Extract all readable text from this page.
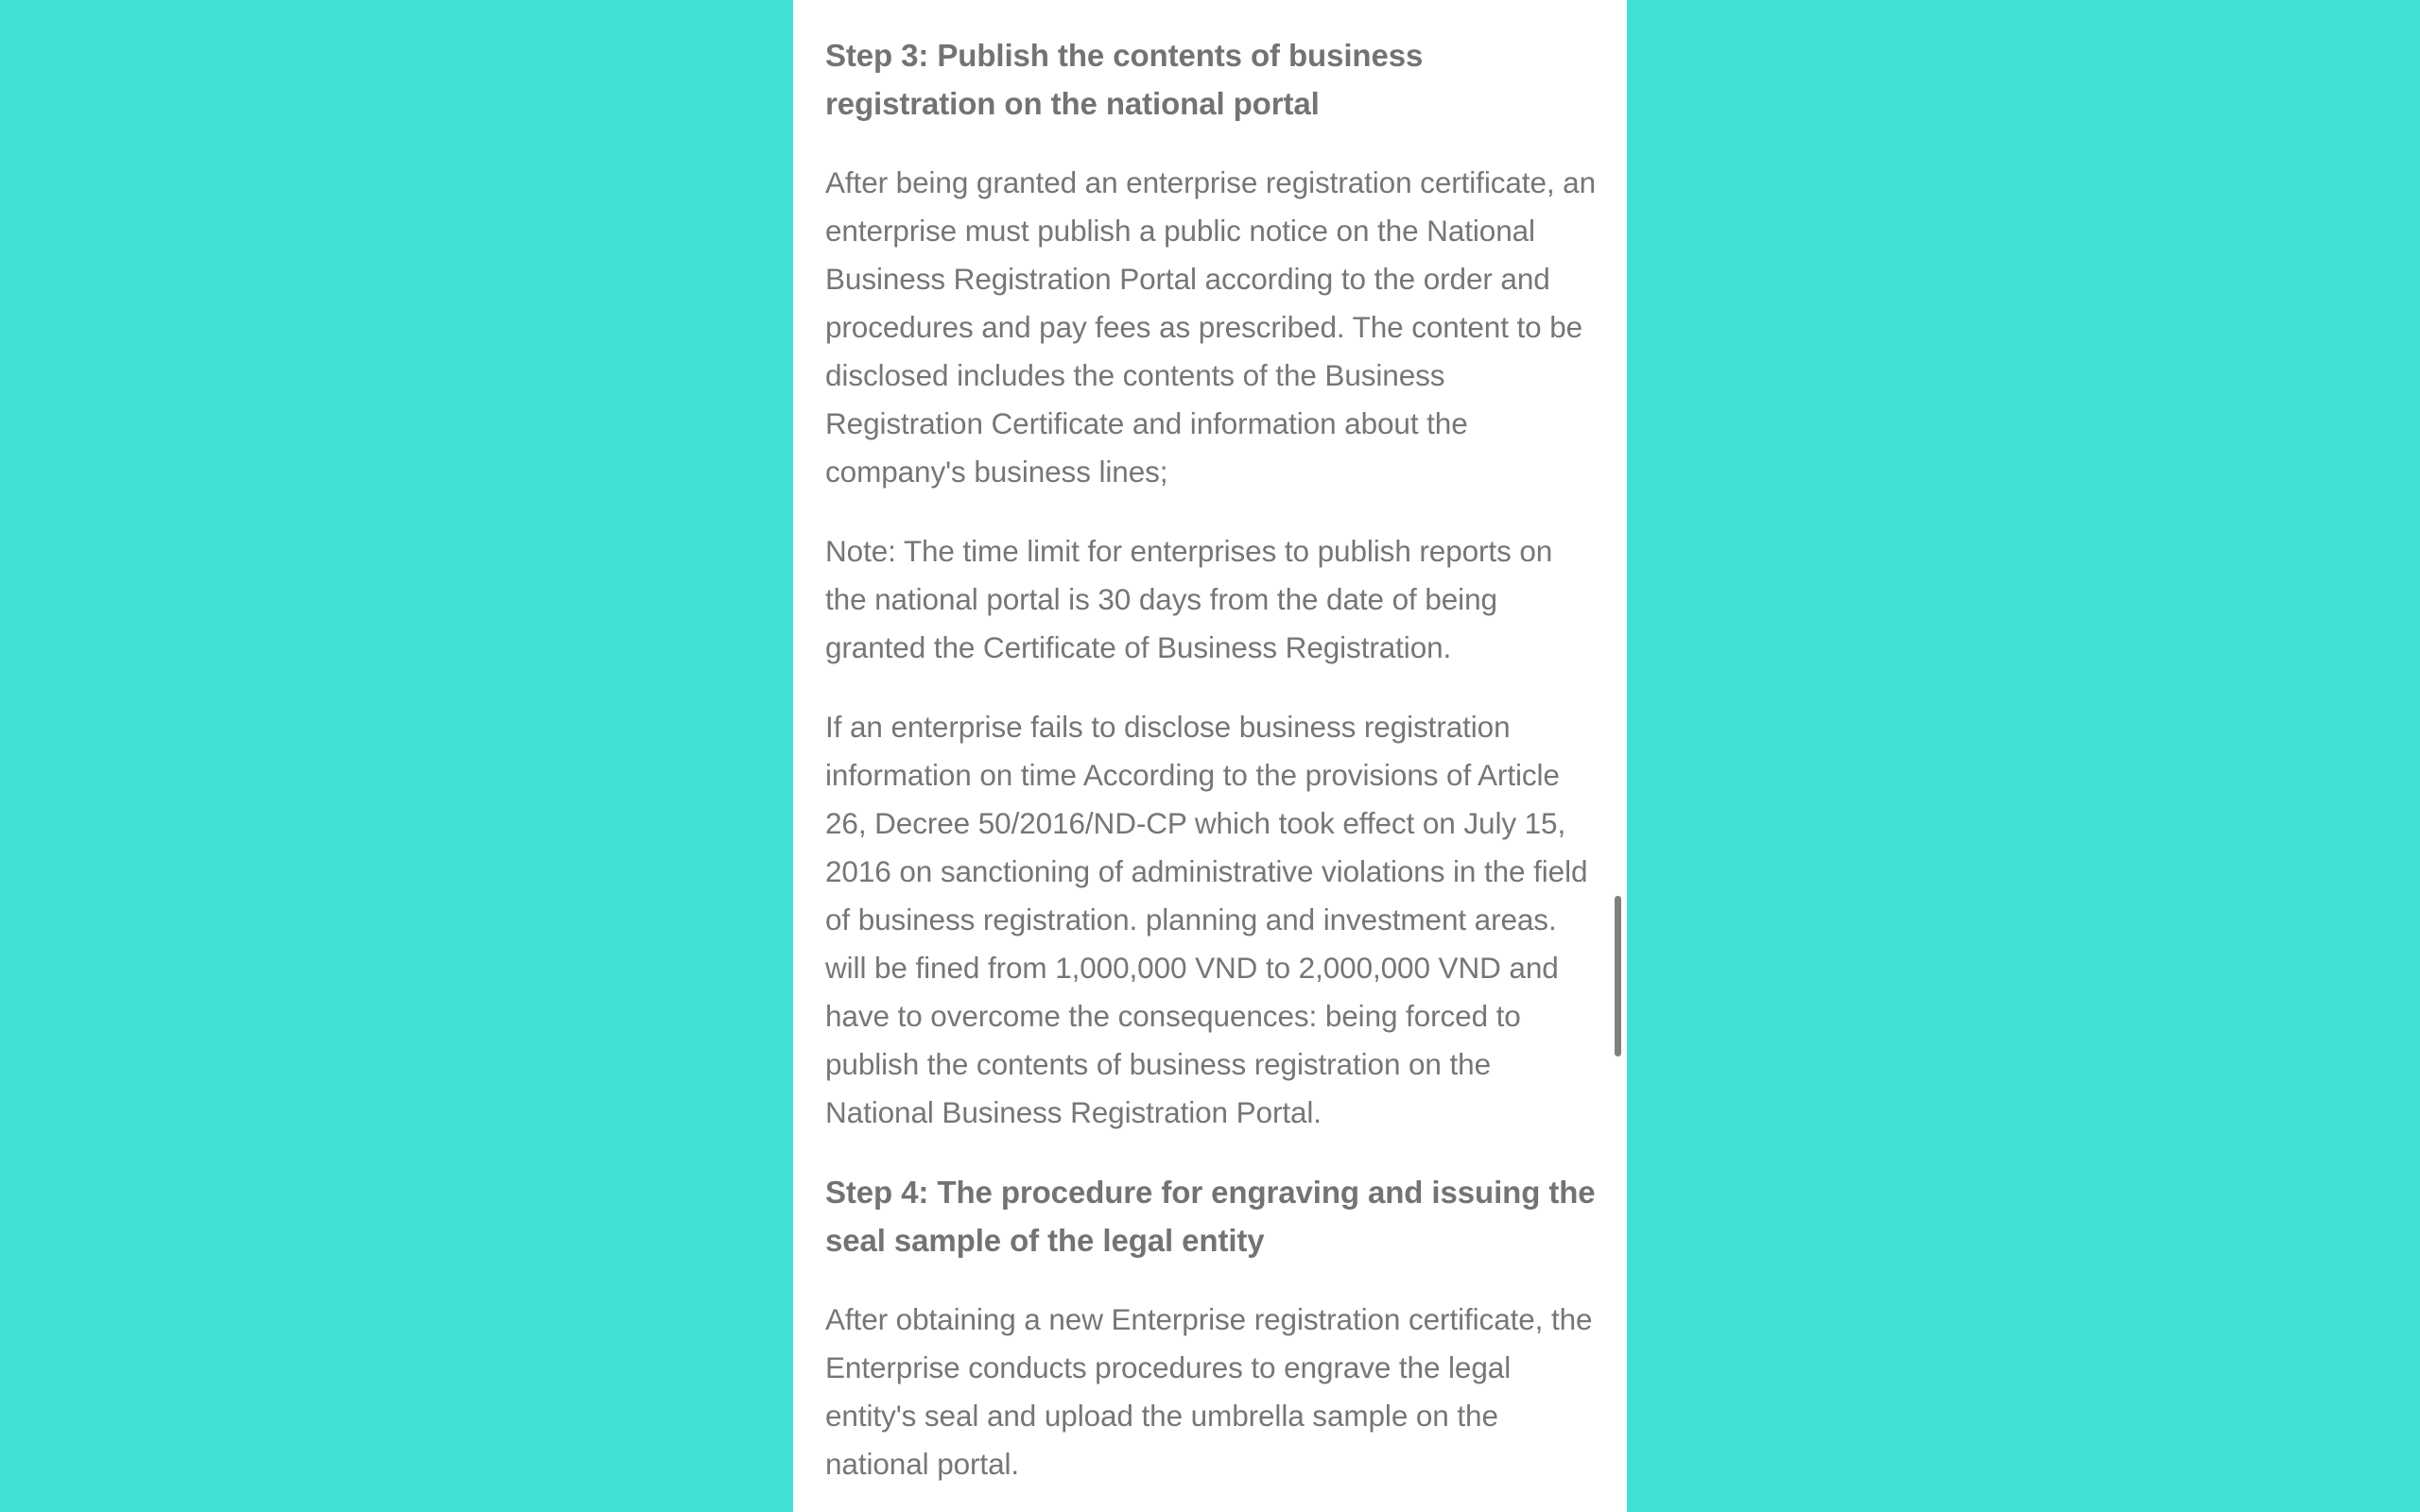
Step 3: Publish the contents of business registration on the national portal

After being granted an enterprise registration certificate, an enterprise must publish a public notice on the National Business Registration Portal according to the order and procedures and pay fees as prescribed. The content to be disclosed includes the contents of the Business Registration Certificate and information about the company's business lines;

Note: The time limit for enterprises to publish reports on the national portal is 30 days from the date of being granted the Certificate of Business Registration.

If an enterprise fails to disclose business registration information on time According to the provisions of Article 26, Decree 50/2016/ND-CP which took effect on July 15, 2016 on sanctioning of administrative violations in the field of business registration. planning and investment areas. will be fined from 1,000,000 VND to 2,000,000 VND and have to overcome the consequences: being forced to publish the contents of business registration on the National Business Registration Portal.

Step 4: The procedure for engraving and issuing the seal sample of the legal entity

After obtaining a new Enterprise registration certificate, the Enterprise conducts procedures to engrave the legal entity's seal and upload the umbrella sample on the national portal.
